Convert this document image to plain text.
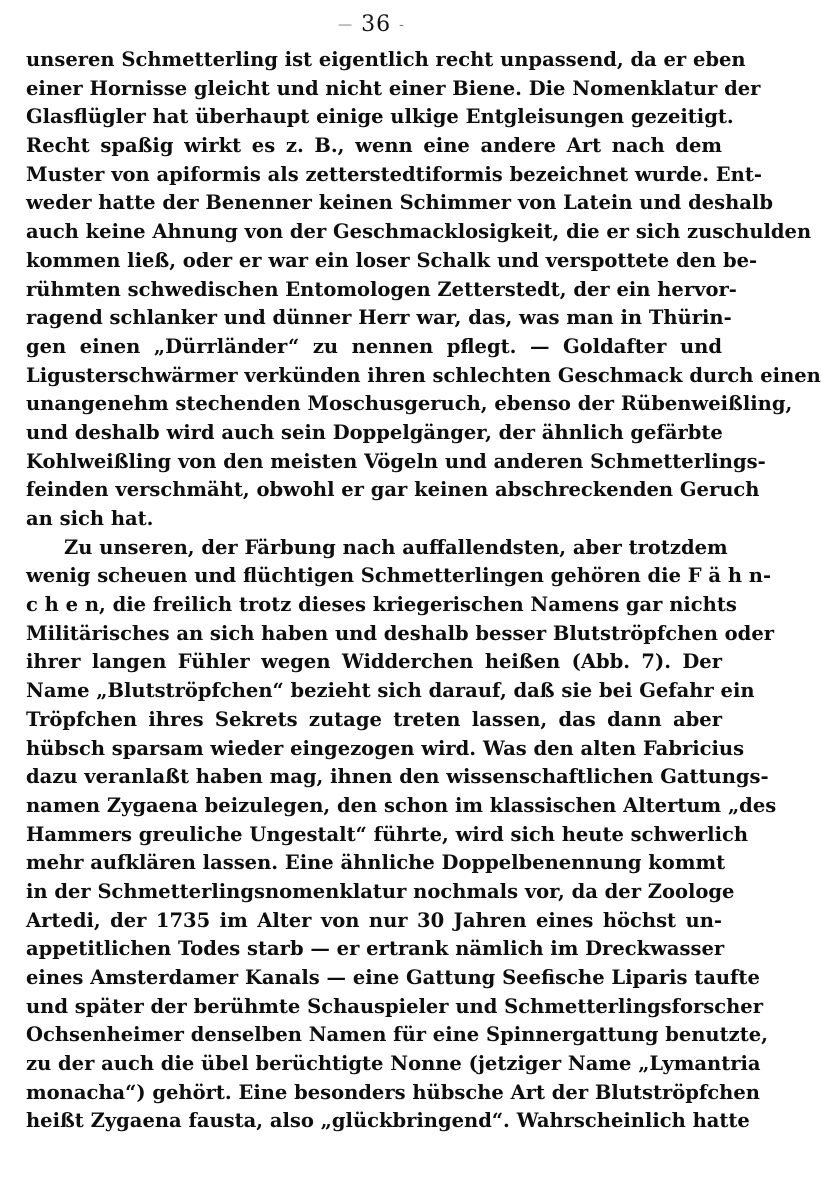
— 36 -
unseren Schmetterling ist eigentlich recht unpassend, da er eben
einer Hornisse gleicht und nicht einer Biene. Die Nomenklatur der
Glasflügler hat überhaupt einige ulkige Entgleisungen gezeitigt.
Recht spaßig wirkt es z. B., wenn eine andere Art nach dem
Muster von apiformis als zetterstedtiformis bezeichnet wurde. Ent-
weder hatte der Benenner keinen Schimmer von Latein und deshalb
auch keine Ahnung von der Geschmacklosigkeit, die er sich zuschulden
kommen ließ, oder er war ein loser Schalk und verspottete den be-
rühmten schwedischen Entomologen Zetterstedt, der ein hervor-
ragend schlanker und dünner Herr war, das, was man in Thürin-
gen einen „Dürrländer“ zu nennen pflegt. — Goldafter und
Ligusterschwärmer verkünden ihren schlechten Geschmack durch einen
unangenehm stechenden Moschusgeruch, ebenso der Rübenweißling,
und deshalb wird auch sein Doppelgänger, der ähnlich gefärbte
Kohlweißling von den meisten Vögeln und anderen Schmetterlings-
feinden verschmäht, obwohl er gar keinen abschreckenden Geruch
an sich hat.
Zu unseren, der Färbung nach auffallendsten, aber trotzdem
wenig scheuen und flüchtigen Schmetterlingen gehören die F ä h n-
c h e n, die freilich trotz dieses kriegerischen Namens gar nichts
Militärisches an sich haben und deshalb besser Blutströpfchen oder
ihrer langen Fühler wegen Widderchen heißen (Abb. 7). Der
Name „Blutströpfchen“ bezieht sich darauf, daß sie bei Gefahr ein
Tröpfchen ihres Sekrets zutage treten lassen, das dann aber
hübsch sparsam wieder eingezogen wird. Was den alten Fabricius
dazu veranlaßt haben mag, ihnen den wissenschaftlichen Gattungs-
namen Zygaena beizulegen, den schon im klassischen Altertum „des
Hammers greuliche Ungestalt“ führte, wird sich heute schwerlich
mehr aufklären lassen. Eine ähnliche Doppelbenennung kommt
in der Schmetterlingsnomenklatur nochmals vor, da der Zoologe
Artedi, der 1735 im Alter von nur 30 Jahren eines höchst un-
appetitlichen Todes starb — er ertrank nämlich im Dreckwasser
eines Amsterdamer Kanals — eine Gattung Seefische Liparis taufte
und später der berühmte Schauspieler und Schmetterlingsforscher
Ochsenheimer denselben Namen für eine Spinnergattung benutzte,
zu der auch die übel berüchtigte Nonne (jetziger Name „Lymantria
monacha“) gehört. Eine besonders hübsche Art der Blutströpfchen
heißt Zygaena fausta, also „glückbringend“. Wahrscheinlich hatte
